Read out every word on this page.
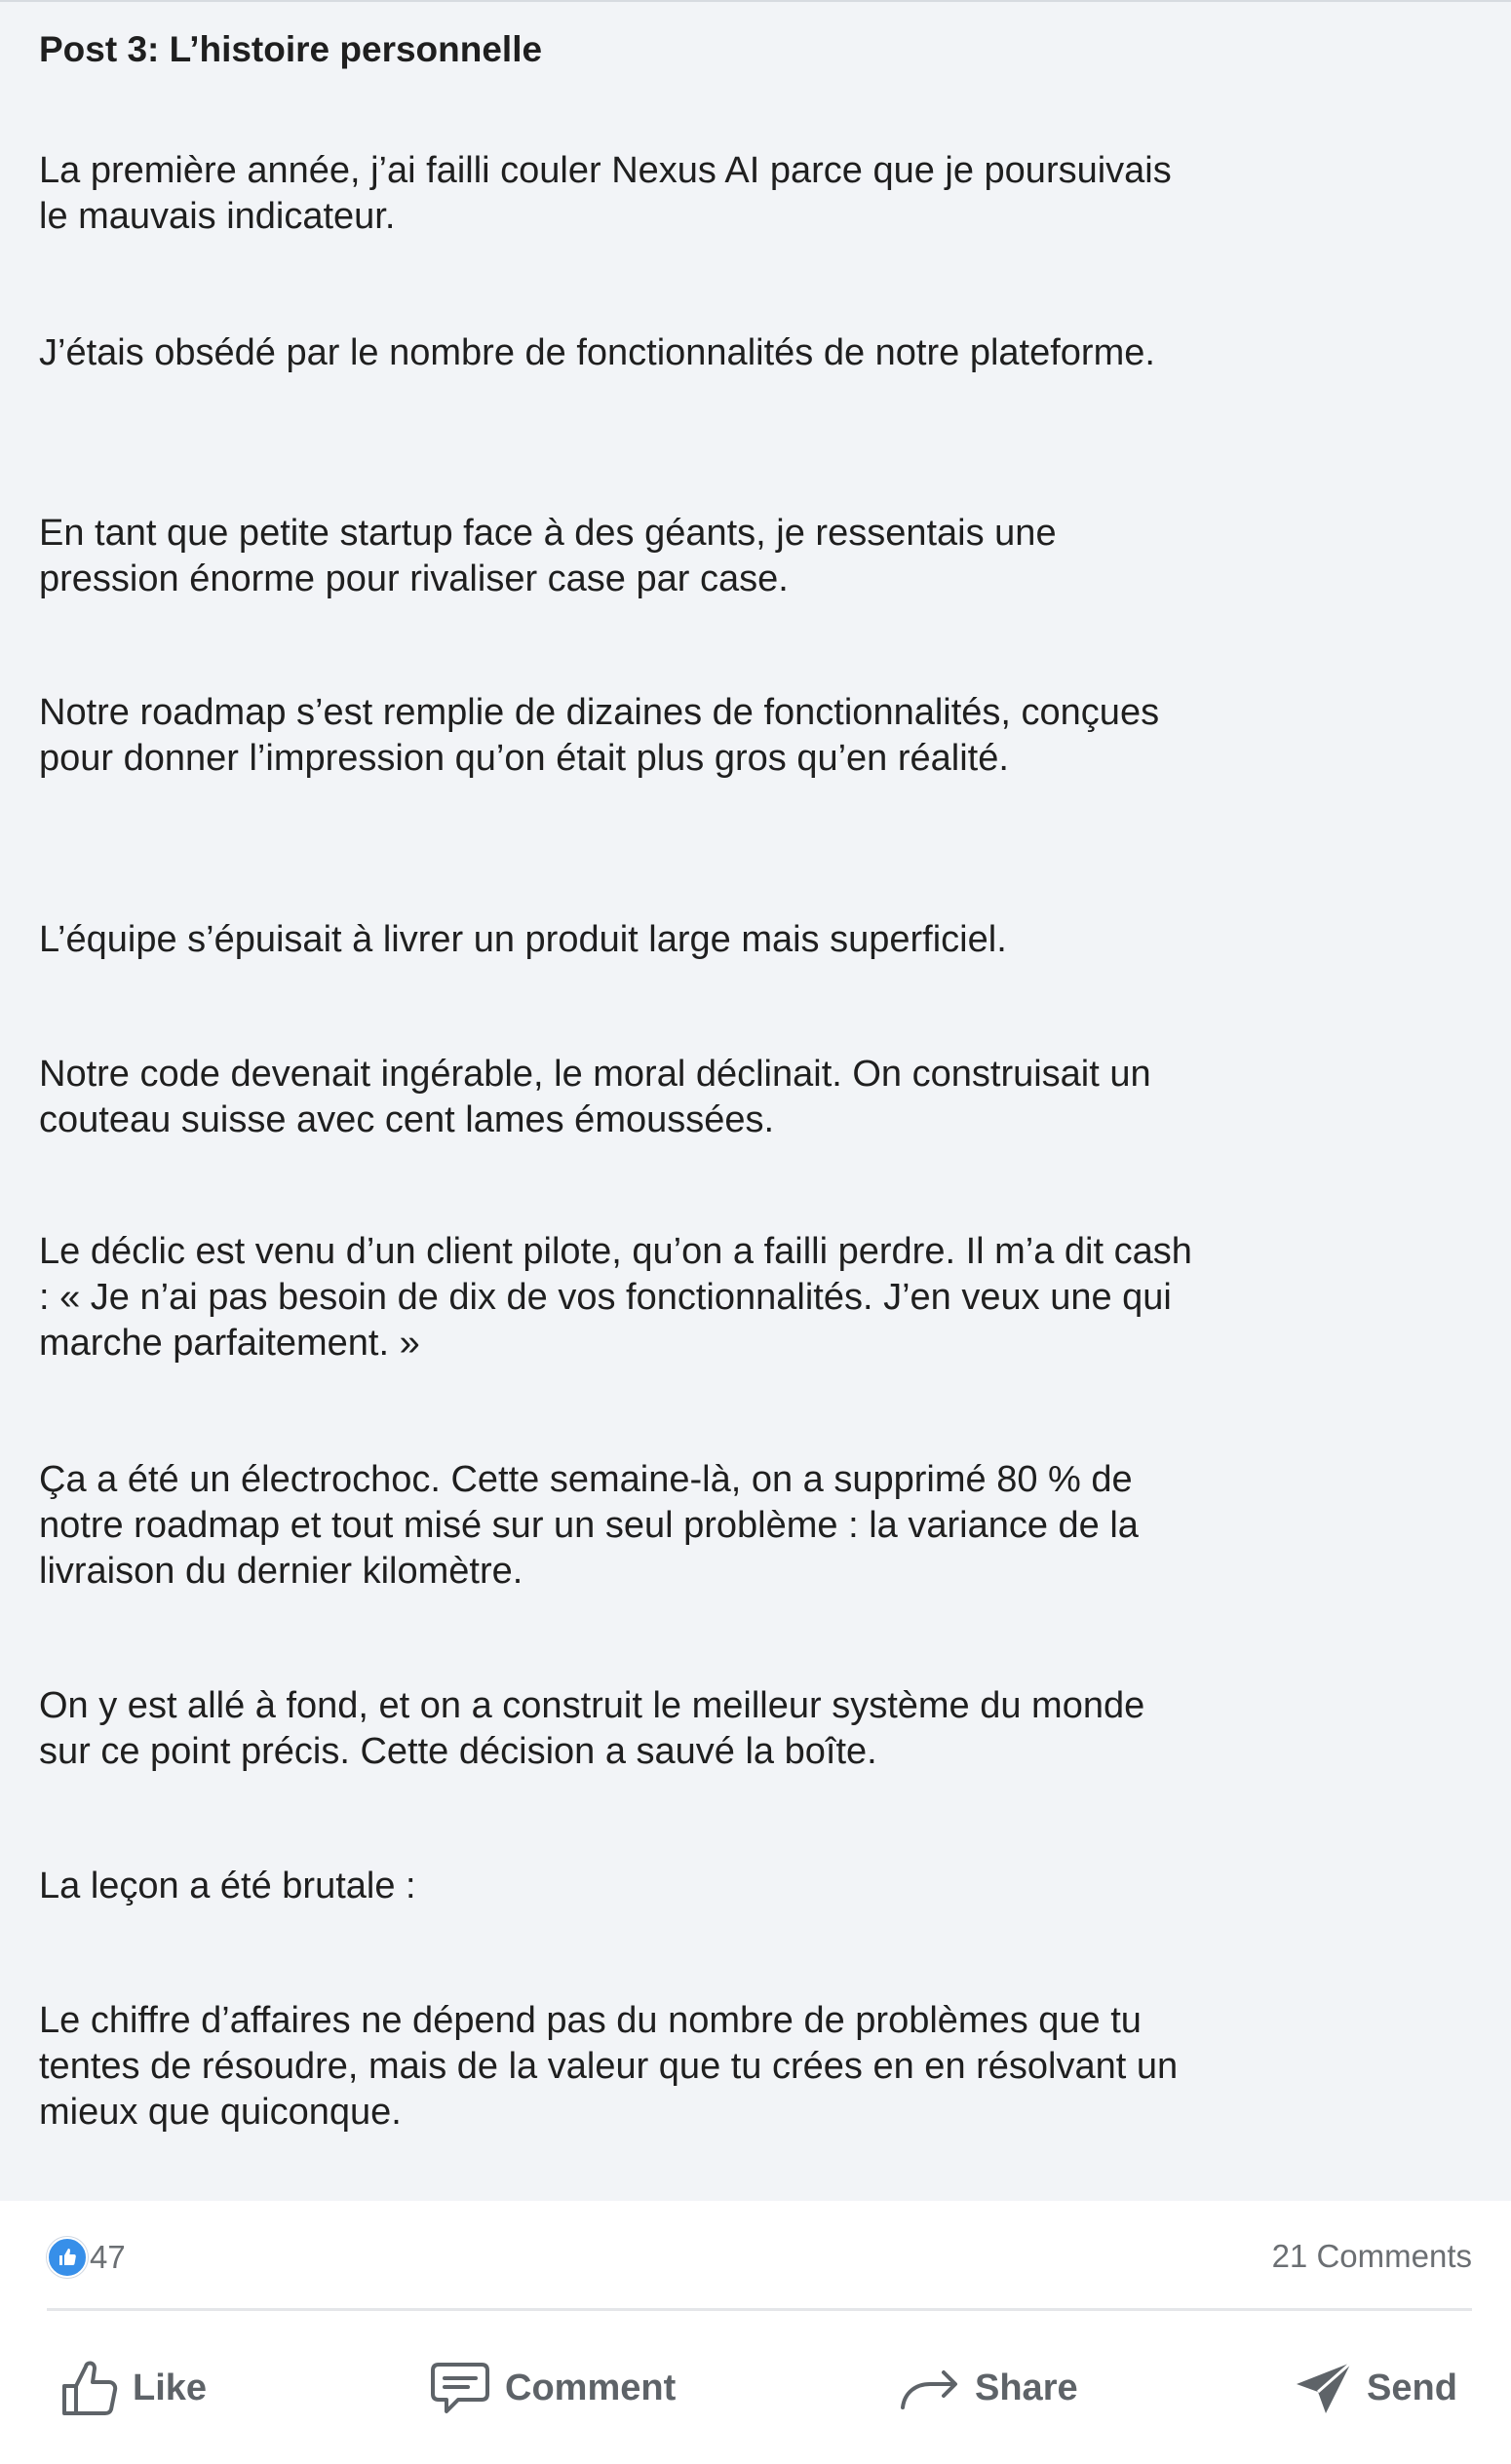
Post 3: L’histoire personnelle

La première année, j’ai failli couler Nexus AI parce que je poursuivais
le mauvais indicateur.

J’étais obsédé par le nombre de fonctionnalités de notre plateforme.

En tant que petite startup face à des géants, je ressentais une
pression énorme pour rivaliser case par case.

Notre roadmap s’est remplie de dizaines de fonctionnalités, conçues
pour donner l’impression qu’on était plus gros qu’en réalité.

L’équipe s’épuisait à livrer un produit large mais superficiel.

Notre code devenait ingérable, le moral déclinait. On construisait un
couteau suisse avec cent lames émoussées.

Le déclic est venu d’un client pilote, qu’on a failli perdre. Il m’a dit cash
: « Je n’ai pas besoin de dix de vos fonctionnalités. J’en veux une qui
marche parfaitement. »

Ça a été un électrochoc. Cette semaine-là, on a supprimé 80 % de
notre roadmap et tout misé sur un seul problème : la variance de la
livraison du dernier kilomètre.

On y est allé à fond, et on a construit le meilleur système du monde
sur ce point précis. Cette décision a sauvé la boîte.

La leçon a été brutale :

Le chiffre d’affaires ne dépend pas du nombre de problèmes que tu
tentes de résoudre, mais de la valeur que tu crées en en résolvant un
mieux que quiconque.

47	21 Comments
Like	Comment	Share	Send
